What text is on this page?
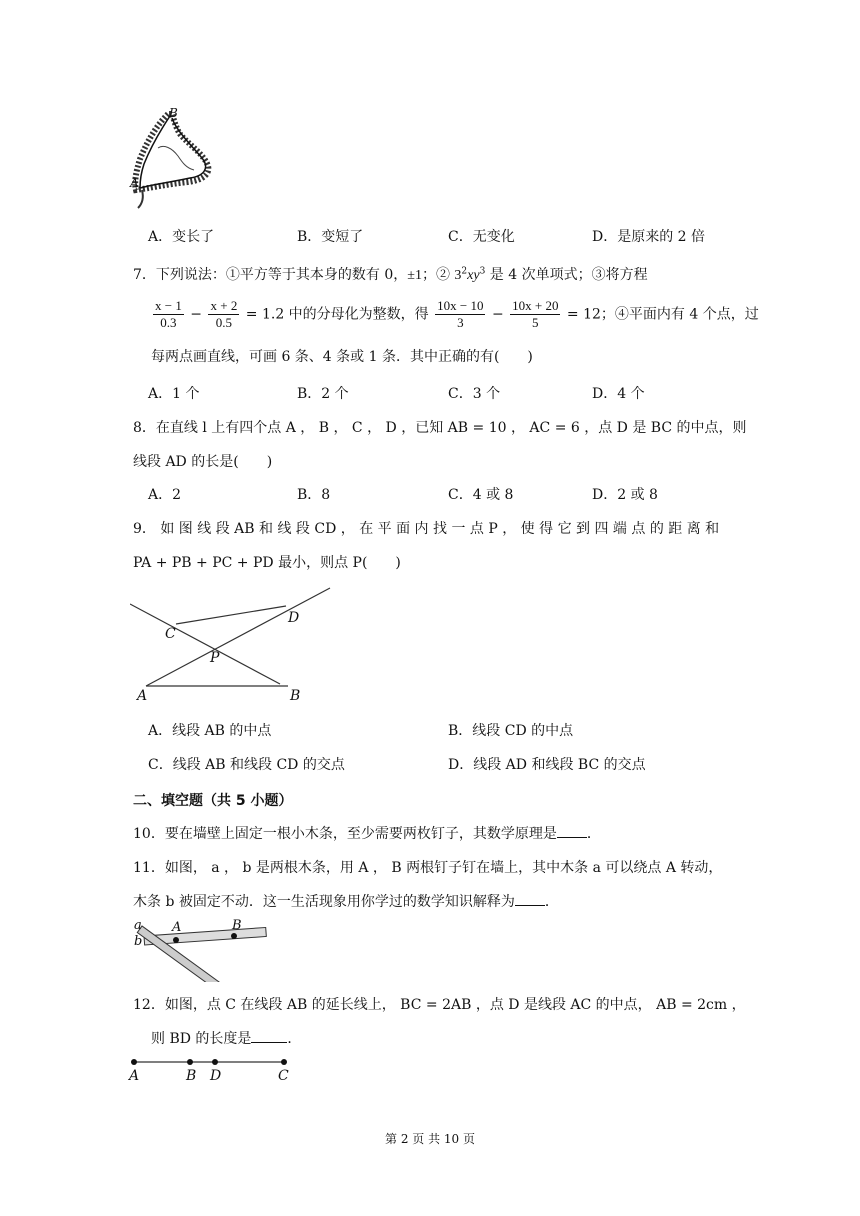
B
A
A．变长了	B．变短了	C．无变化	D．是原来的 2 倍
7．下列说法：①平方等于其本身的数有 0，±1；② $3^2xy^3$ 是 4 次单项式；③将方程
$\frac{x - 1}{0.3} - \frac{x + 2}{0.5} = 1.2$ 中的分母化为整数，得 $\frac{10x - 10}{3} - \frac{10x + 20}{5} = 12$；④平面内有 4 个点，过
每两点画直线，可画 6 条、4 条或 1 条．其中正确的有(　　)
A．1 个	B．2 个	C．3 个	D．4 个
8．在直线 l 上有四个点 A ， B ， C ， D ，已知 AB = 10 ， AC = 6 ，点 D 是 BC 的中点，则
线段 AD 的长是(　　)
A．2	B．8	C．4 或 8	D．2 或 8
9． 如 图 线 段 AB 和 线 段 CD ， 在 平 面 内 找 一 点 P ， 使 得 它 到 四 端 点 的 距 离 和
PA + PB + PC + PD 最小，则点 P(　　)
C
D
P
A	B
A．线段 AB 的中点	B．线段 CD 的中点
C．线段 AB 和线段 CD 的交点	D．线段 AD 和线段 BC 的交点
二、填空题（共 5 小题）
10．要在墙壁上固定一根小木条，至少需要两枚钉子，其数学原理是 ．
11．如图， a ， b 是两根木条，用 A ， B 两根钉子钉在墙上，其中木条 a 可以绕点 A 转动，
木条 b 被固定不动．这一生活现象用你学过的数学知识解释为 ．
a
b
A	B
12．如图，点 C 在线段 AB 的延长线上， BC = 2AB ，点 D 是线段 AC 的中点， AB = 2cm ，
则 BD 的长度是	．
A	B D	C
第 2 页 共 10 页
